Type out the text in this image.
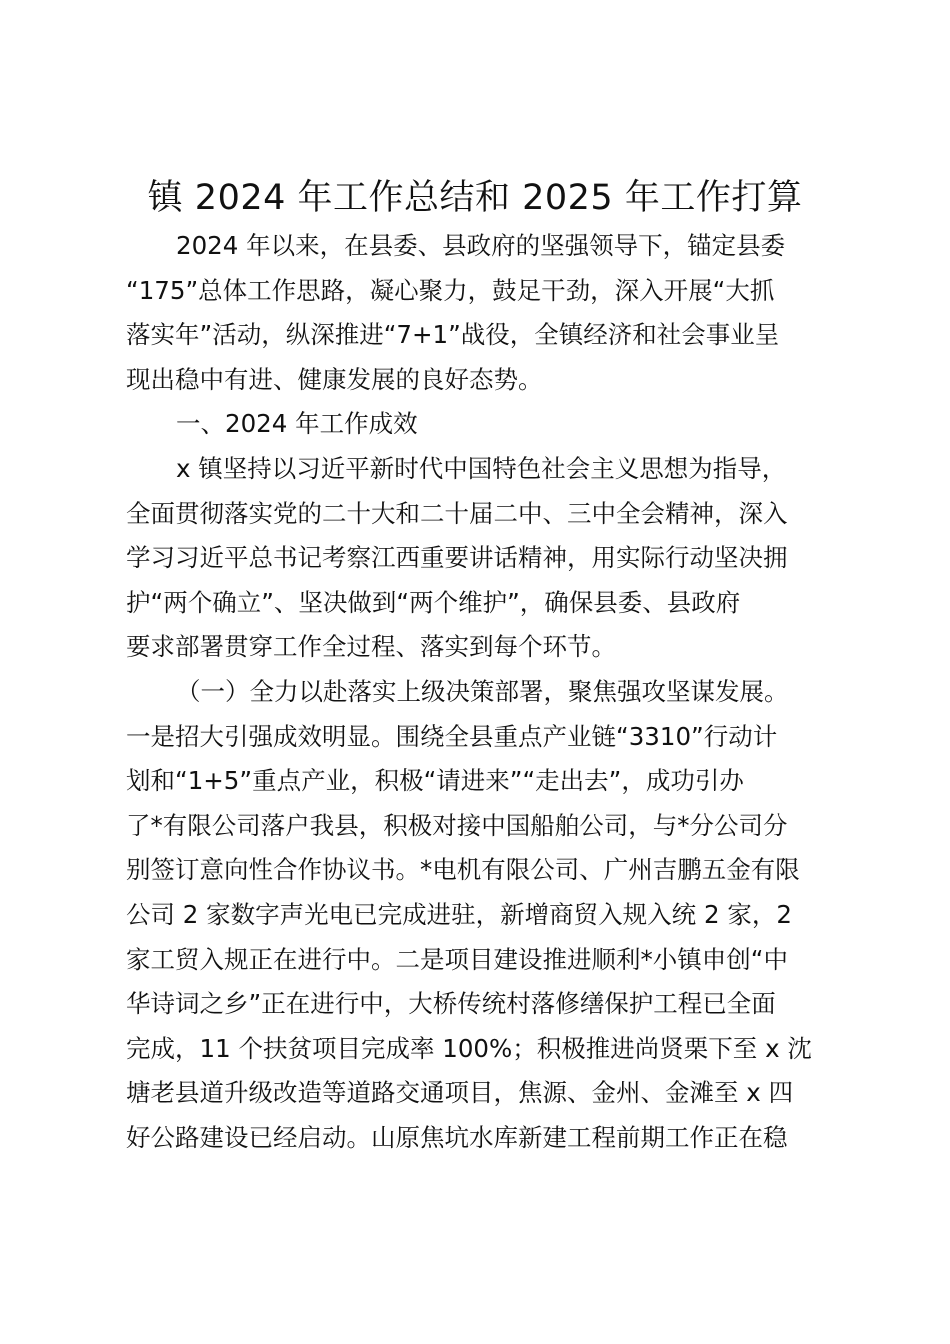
镇 2024 年工作总结和 2025 年工作打算
2024 年以来，在县委、县政府的坚强领导下，锚定县委
“175”总体工作思路，凝心聚力，鼓足干劲，深入开展“大抓
落实年”活动，纵深推进“7+1”战役，全镇经济和社会事业呈
现出稳中有进、健康发展的良好态势。
一、2024 年工作成效
x 镇坚持以习近平新时代中国特色社会主义思想为指导，
全面贯彻落实党的二十大和二十届二中、三中全会精神，深入
学习习近平总书记考察江西重要讲话精神，用实际行动坚决拥
护“两个确立”、坚决做到“两个维护”，确保县委、县政府
要求部署贯穿工作全过程、落实到每个环节。
（一）全力以赴落实上级决策部署，聚焦强攻坚谋发展。
一是招大引强成效明显。围绕全县重点产业链“3310”行动计
划和“1+5”重点产业，积极“请进来”“走出去”，成功引办
了*有限公司落户我县，积极对接中国船舶公司，与*分公司分
别签订意向性合作协议书。*电机有限公司、广州吉鹏五金有限
公司 2 家数字声光电已完成进驻，新增商贸入规入统 2 家，2
家工贸入规正在进行中。二是项目建设推进顺利*小镇申创“中
华诗词之乡”正在进行中，大桥传统村落修缮保护工程已全面
完成，11 个扶贫项目完成率 100%；积极推进尚贤栗下至 x 沈
塘老县道升级改造等道路交通项目，焦源、金州、金滩至 x 四
好公路建设已经启动。山原焦坑水库新建工程前期工作正在稳
